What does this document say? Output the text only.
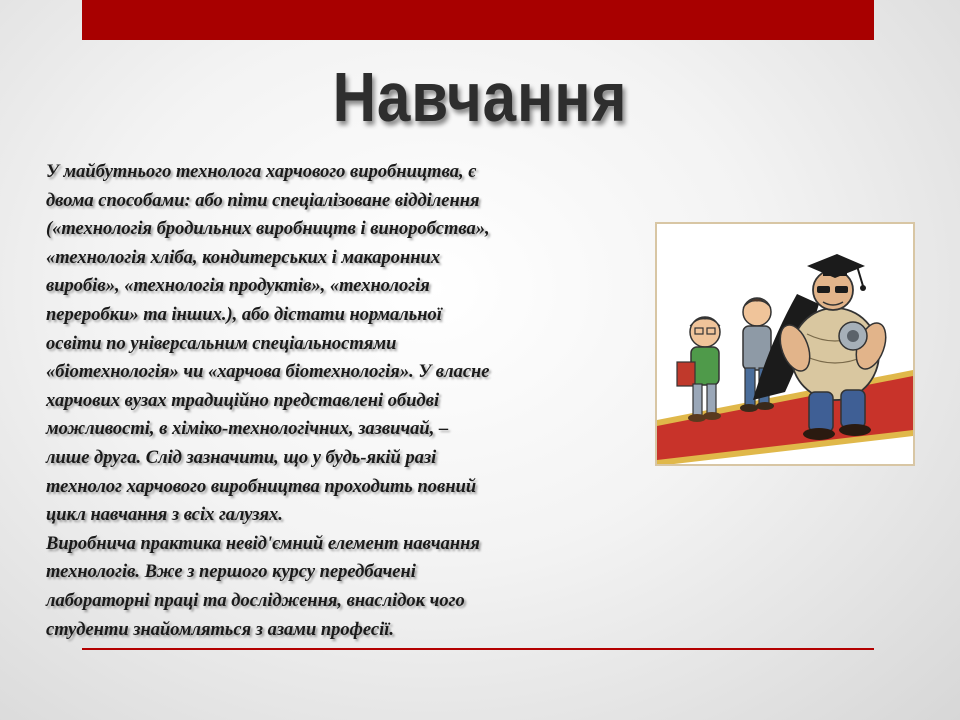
Навчання
У майбутнього технолога харчового виробництва, є
двома способами: або піти спеціалізоване відділення
(«технологія бродильних виробництв і виноробства»,
«технологія хліба, кондитерських і макаронних
виробів», «технологія продуктів», «технологія
переробки» та інших.), або дістати нормальної
освіти по універсальним спеціальностями
«біотехнологія» чи «харчова біотехнологія». У власне
харчових вузах традиційно представлені обидві
можливості, в хіміко-технологічних, зазвичай, –
лише друга. Слід зазначити, що у будь-якій разі
технолог харчового виробництва проходить повний
цикл навчання з всіх галузях.
Виробнича практика невід'ємний елемент навчання
технологів. Вже з першого курсу передбачені
лабораторні праці та дослідження, внаслідок чого
студенти знайомляться з азами професії.
